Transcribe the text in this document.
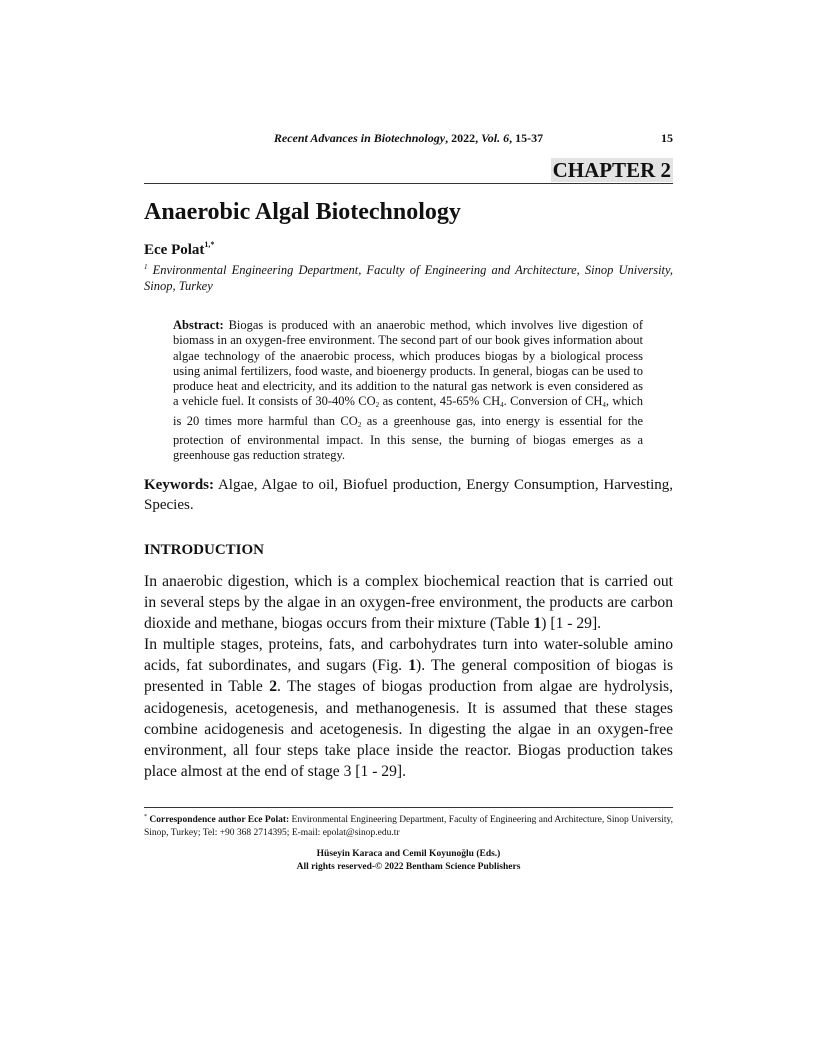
Recent Advances in Biotechnology, 2022, Vol. 6, 15-37	15
CHAPTER 2
Anaerobic Algal Biotechnology
Ece Polat$^{1,*}$
$^1$ Environmental Engineering Department, Faculty of Engineering and Architecture, Sinop University, Sinop, Turkey
Abstract: Biogas is produced with an anaerobic method, which involves live digestion of biomass in an oxygen-free environment. The second part of our book gives information about algae technology of the anaerobic process, which produces biogas by a biological process using animal fertilizers, food waste, and bioenergy products. In general, biogas can be used to produce heat and electricity, and its addition to the natural gas network is even considered as a vehicle fuel. It consists of 30-40% $CO_2$ as content, 45-65% $CH_4$. Conversion of $CH_4$, which is 20 times more harmful than $CO_2$ as a greenhouse gas, into energy is essential for the protection of environmental impact. In this sense, the burning of biogas emerges as a greenhouse gas reduction strategy.
Keywords: Algae, Algae to oil, Biofuel production, Energy Consumption, Harvesting, Species.
INTRODUCTION
In anaerobic digestion, which is a complex biochemical reaction that is carried out in several steps by the algae in an oxygen-free environment, the products are carbon dioxide and methane, biogas occurs from their mixture (Table 1) [1 - 29].
In multiple stages, proteins, fats, and carbohydrates turn into water-soluble amino acids, fat subordinates, and sugars (Fig. 1). The general composition of biogas is presented in Table 2. The stages of biogas production from algae are hydrolysis, acidogenesis, acetogenesis, and methanogenesis. It is assumed that these stages combine acidogenesis and acetogenesis. In digesting the algae in an oxygen-free environment, all four steps take place inside the reactor. Biogas production takes place almost at the end of stage 3 [1 - 29].
* Correspondence author Ece Polat: Environmental Engineering Department, Faculty of Engineering and Architecture, Sinop University, Sinop, Turkey; Tel: +90 368 2714395; E-mail: epolat@sinop.edu.tr
Hüseyin Karaca and Cemil Koyunoğlu (Eds.)
All rights reserved-© 2022 Bentham Science Publishers
